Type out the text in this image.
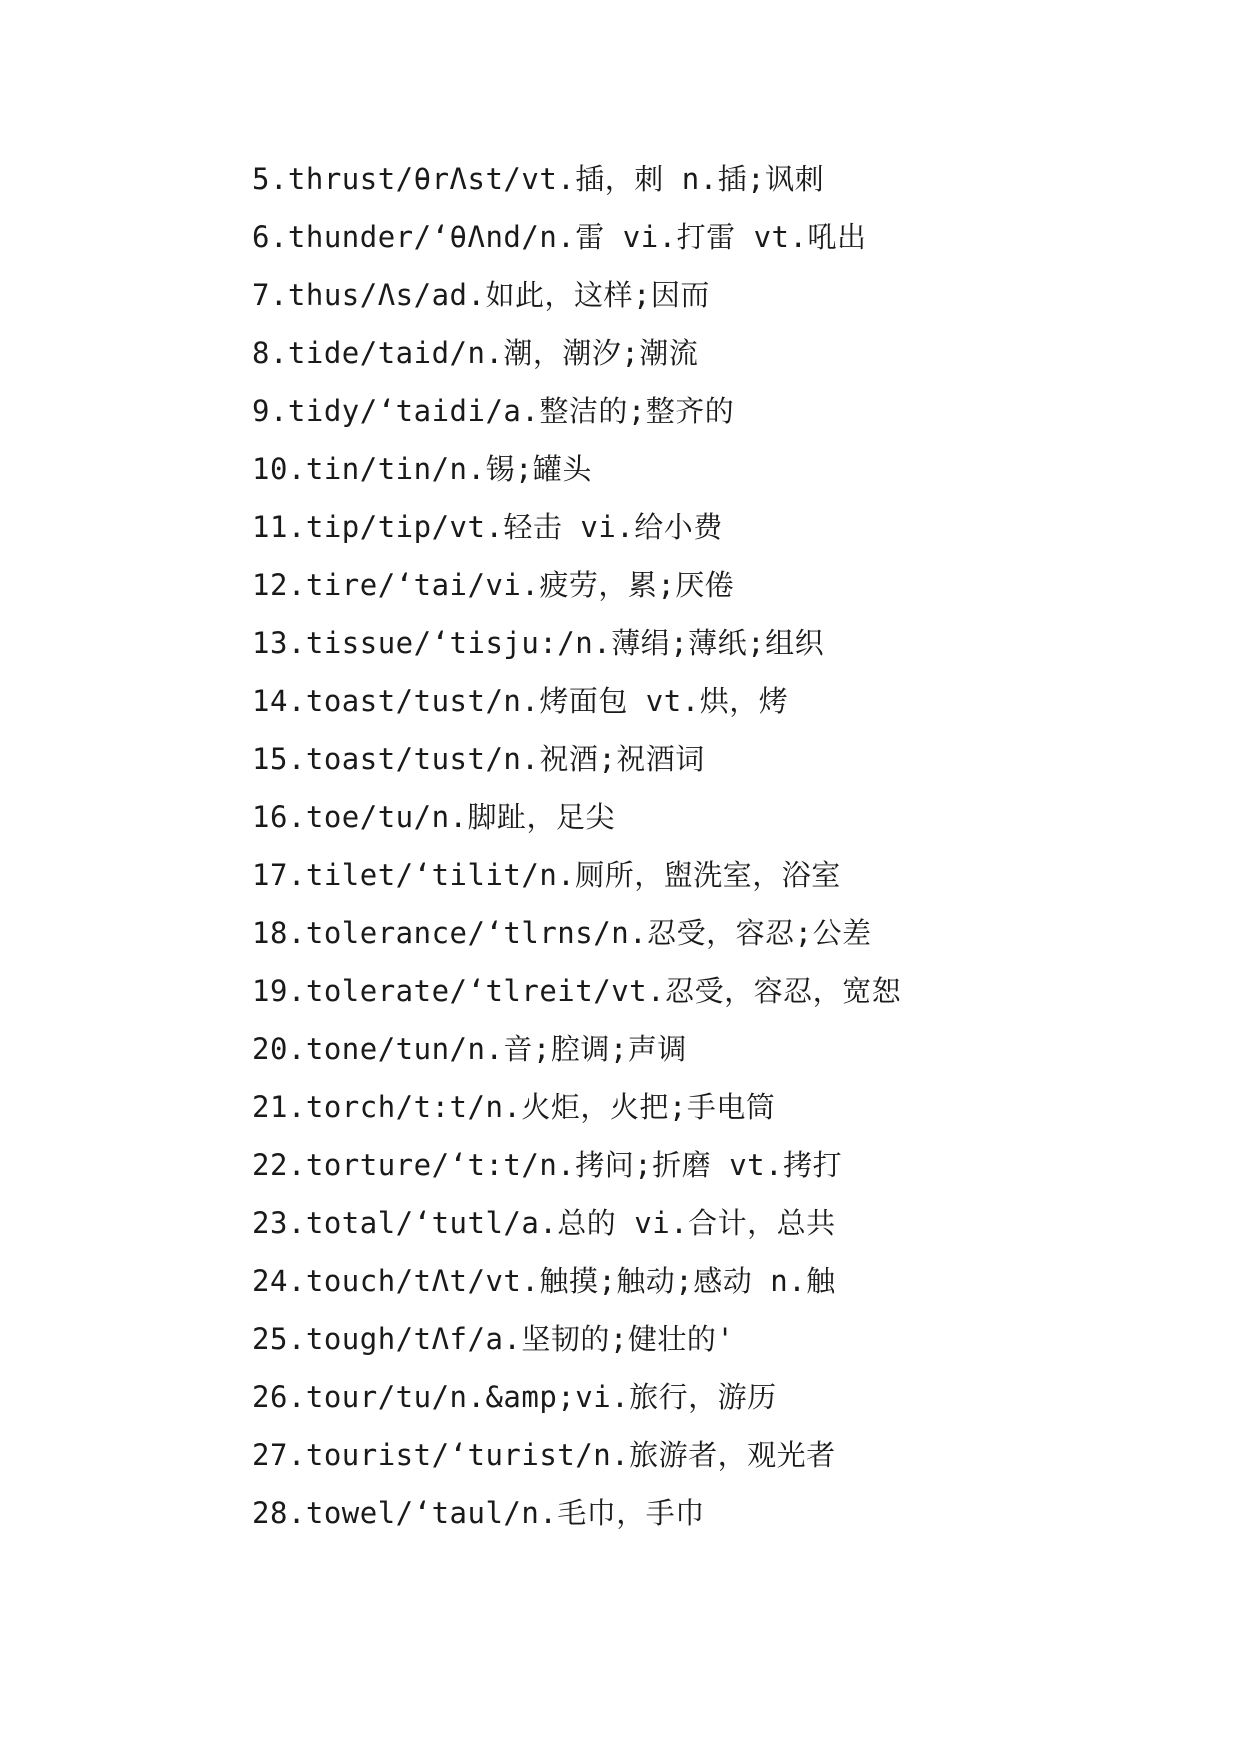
5.thrust/θrΛst/vt.插，刺 n.插;讽刺
6.thunder/‘θΛnd/n.雷 vi.打雷 vt.吼出
7.thus/Λs/ad.如此，这样;因而
8.tide/taid/n.潮，潮汐;潮流
9.tidy/‘taidi/a.整洁的;整齐的
10.tin/tin/n.锡;罐头
11.tip/tip/vt.轻击 vi.给小费
12.tire/‘tai/vi.疲劳，累;厌倦
13.tissue/‘tisju:/n.薄绢;薄纸;组织
14.toast/tust/n.烤面包 vt.烘，烤
15.toast/tust/n.祝酒;祝酒词
16.toe/tu/n.脚趾，足尖
17.tilet/‘tilit/n.厕所，盥洗室，浴室
18.tolerance/‘tlrns/n.忍受，容忍;公差
19.tolerate/‘tlreit/vt.忍受，容忍，宽恕
20.tone/tun/n.音;腔调;声调
21.torch/t:t/n.火炬，火把;手电筒
22.torture/‘t:t/n.拷问;折磨 vt.拷打
23.total/‘tutl/a.总的 vi.合计，总共
24.touch/tΛt/vt.触摸;触动;感动 n.触
25.tough/tΛf/a.坚韧的;健壮的'
26.tour/tu/n.&amp;vi.旅行，游历
27.tourist/‘turist/n.旅游者，观光者
28.towel/‘taul/n.毛巾，手巾
